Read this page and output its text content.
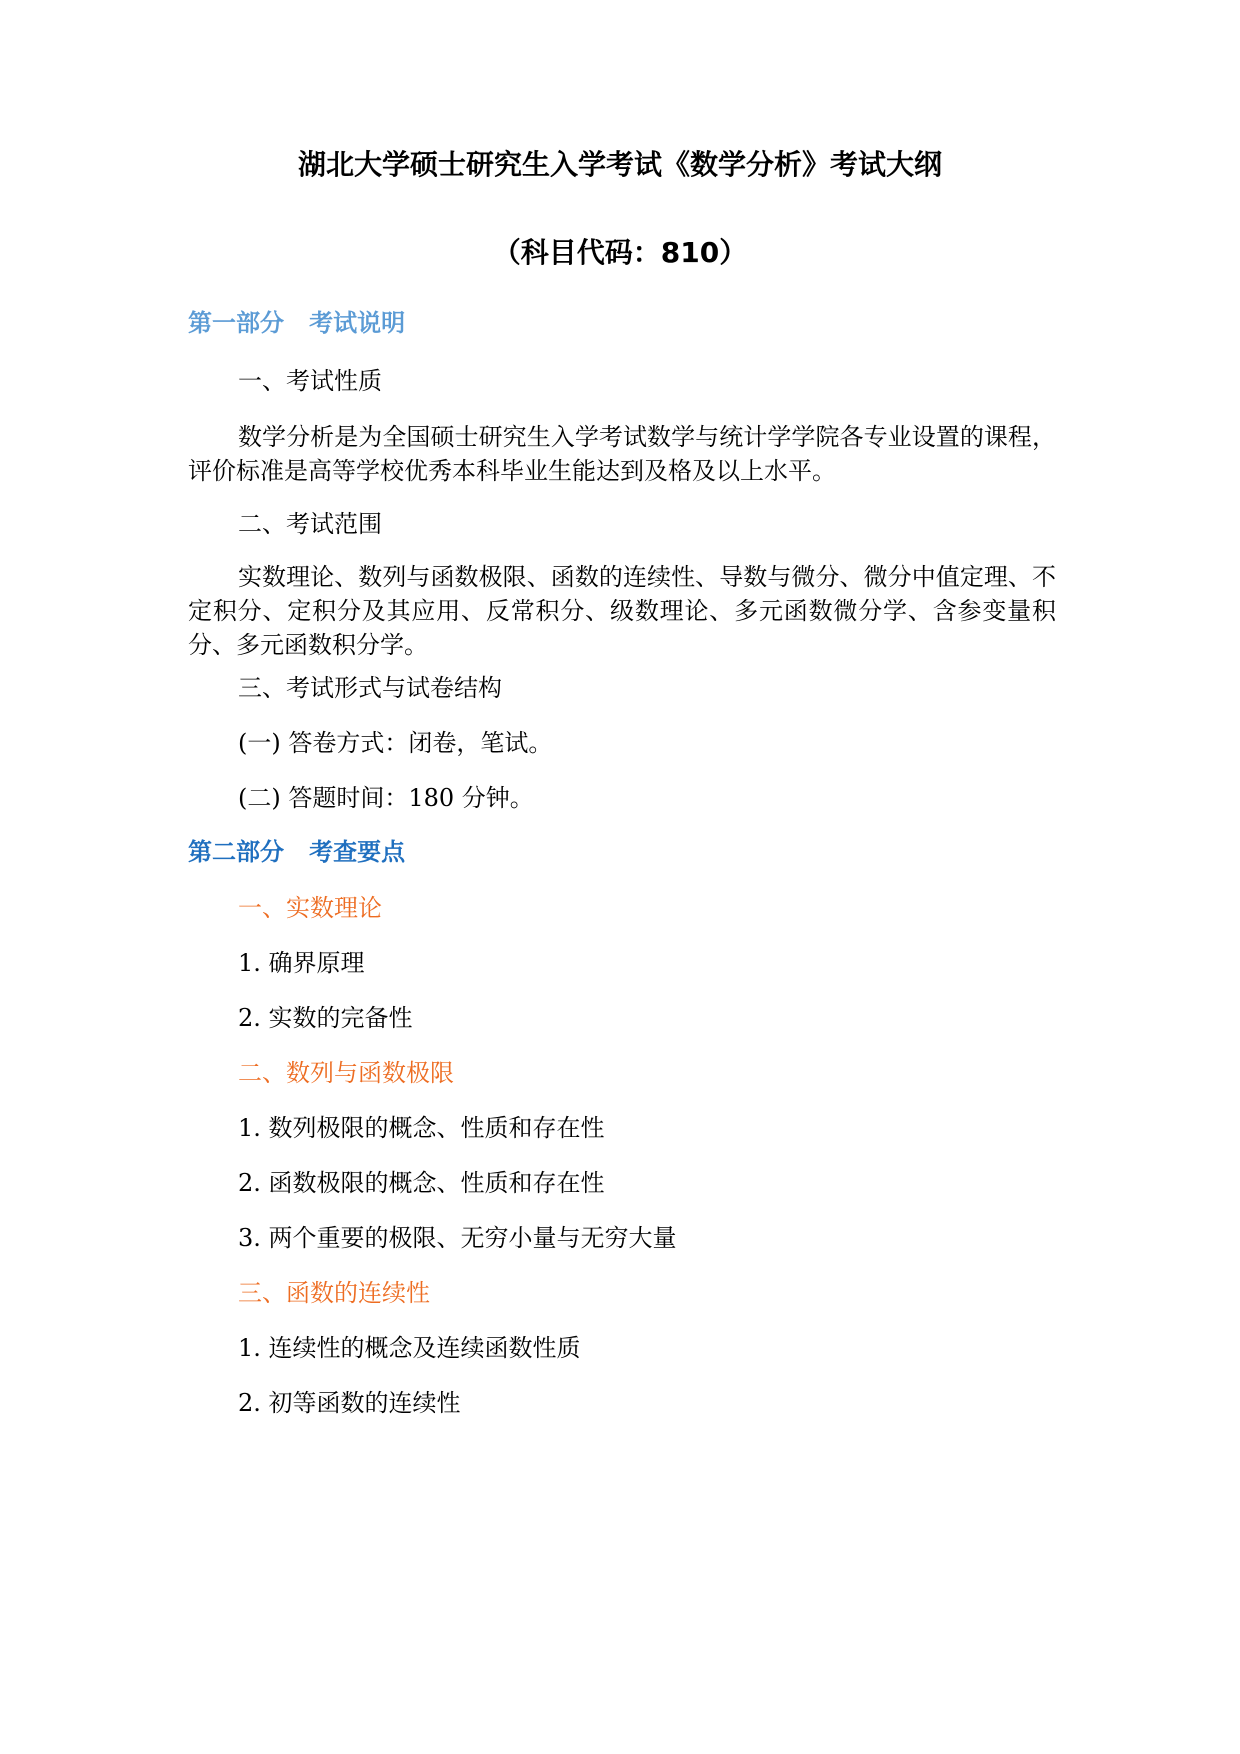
湖北大学硕士研究生入学考试《数学分析》考试大纲
（科目代码：810）
第一部分   考试说明
一、考试性质

数学分析是为全国硕士研究生入学考试数学与统计学学院各专业设置的课程，评价标准是高等学校优秀本科毕业生能达到及格及以上水平。

二、考试范围

实数理论、数列与函数极限、函数的连续性、导数与微分、微分中值定理、不定积分、定积分及其应用、反常积分、级数理论、多元函数微分学、含参变量积分、多元函数积分学。

三、考试形式与试卷结构
(一) 答卷方式：闭卷，笔试。
(二) 答题时间：180 分钟。
第二部分   考查要点
一、实数理论
1. 确界原理
2. 实数的完备性
二、数列与函数极限
1. 数列极限的概念、性质和存在性
2. 函数极限的概念、性质和存在性
3. 两个重要的极限、无穷小量与无穷大量
三、函数的连续性
1. 连续性的概念及连续函数性质
2. 初等函数的连续性
